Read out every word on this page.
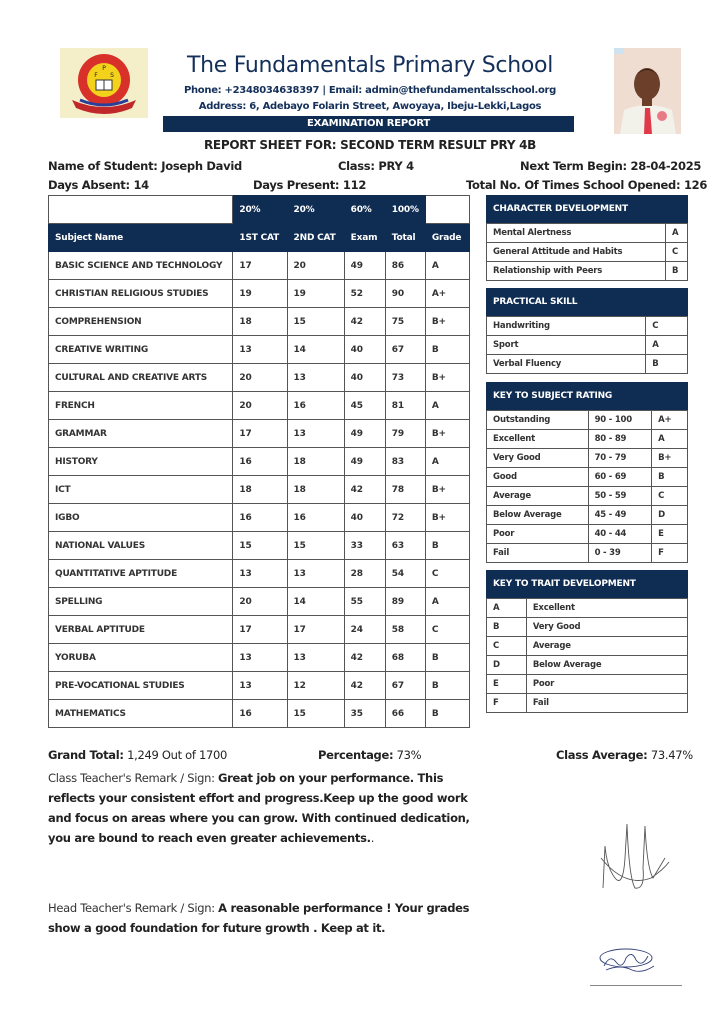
P
F S	The Fundamentals Primary School
Phone: +2348034638397 | Email: admin@thefundamentalsschool.org
Address: 6, Adebayo Folarin Street, Awoyaya, Ibeju-Lekki,Lagos
EXAMINATION REPORT
REPORT SHEET FOR: SECOND TERM RESULT PRY 4B
Name of Student: Joseph David	Class: PRY 4	Next Term Begin: 28-04-2025
Days Absent: 14	Days Present: 112	Total No. Of Times School Opened: 126
	20%	20%	60%	100%	
Subject Name	1ST CAT	2ND CAT	Exam	Total	Grade
BASIC SCIENCE AND TECHNOLOGY	17	20	49	86	A
CHRISTIAN RELIGIOUS STUDIES	19	19	52	90	A+
COMPREHENSION	18	15	42	75	B+
CREATIVE WRITING	13	14	40	67	B
CULTURAL AND CREATIVE ARTS	20	13	40	73	B+
FRENCH	20	16	45	81	A
GRAMMAR	17	13	49	79	B+
HISTORY	16	18	49	83	A
ICT	18	18	42	78	B+
IGBO	16	16	40	72	B+
NATIONAL VALUES	15	15	33	63	B
QUANTITATIVE APTITUDE	13	13	28	54	C
SPELLING	20	14	55	89	A
VERBAL APTITUDE	17	17	24	58	C
YORUBA	13	13	42	68	B
PRE-VOCATIONAL STUDIES	13	12	42	67	B
MATHEMATICS	16	15	35	66	B
CHARACTER DEVELOPMENT
Mental Alertness	A
General Attitude and Habits	C
Relationship with Peers	B
PRACTICAL SKILL
Handwriting	C
Sport	A
Verbal Fluency	B
KEY TO SUBJECT RATING
Outstanding	90 - 100	A+
Excellent	80 - 89	A
Very Good	70 - 79	B+
Good	60 - 69	B
Average	50 - 59	C
Below Average	45 - 49	D
Poor	40 - 44	E
Fail	0 - 39	F
KEY TO TRAIT DEVELOPMENT
A	Excellent
B	Very Good
C	Average
D	Below Average
E	Poor
F	Fail
Grand Total: 1,249 Out of 1700	Percentage: 73%	Class Average: 73.47%
Class Teacher's Remark / Sign: Great job on your performance. This reflects your consistent effort and progress.Keep up the good work and focus on areas where you can grow. With continued dedication, you are bound to reach even greater achievements..
Head Teacher's Remark / Sign: A reasonable performance ! Your grades show a good foundation for future growth . Keep at it.
